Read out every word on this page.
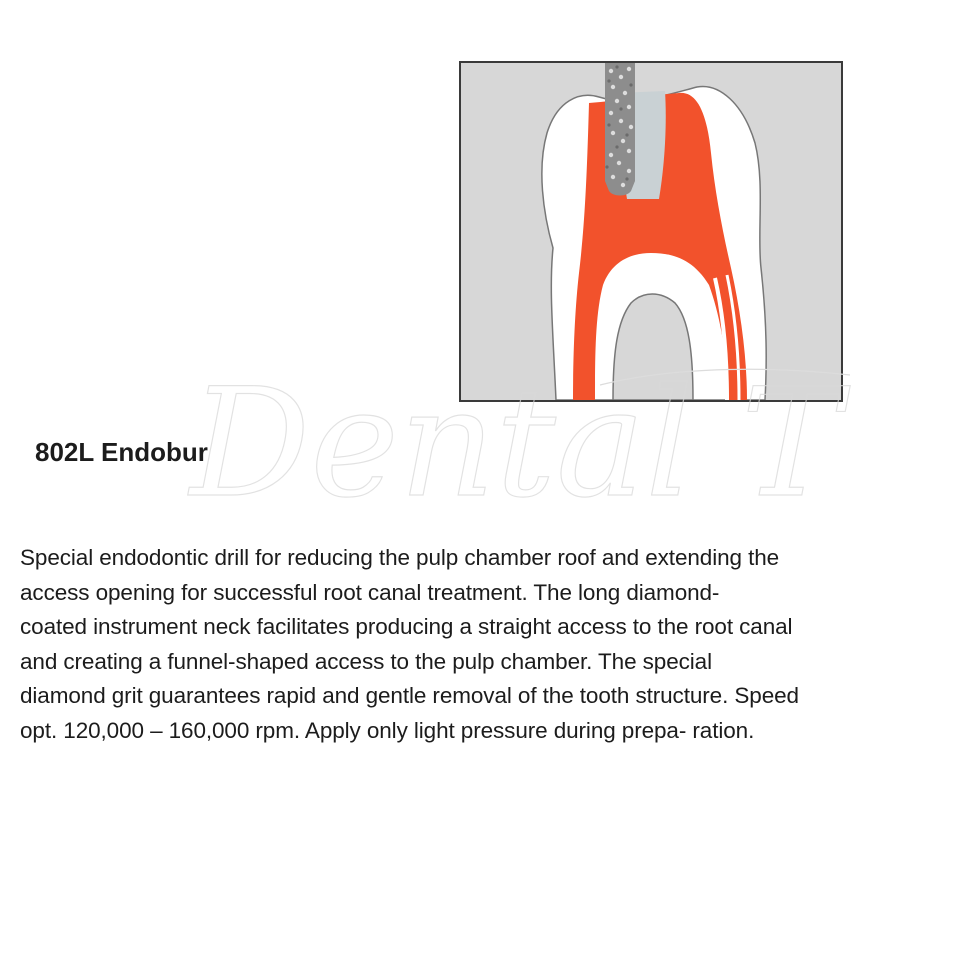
Dental T
802L Endobur

Special endodontic drill for reducing the pulp chamber roof and extending the
access opening for successful root canal treatment. The long diamond-
coated instrument neck facilitates producing a straight access to the root canal
and creating a funnel-shaped access to the pulp chamber. The special
diamond grit guarantees rapid and gentle removal of the tooth structure. Speed
opt. 120,000 – 160,000 rpm. Apply only light pressure during prepa- ration.
